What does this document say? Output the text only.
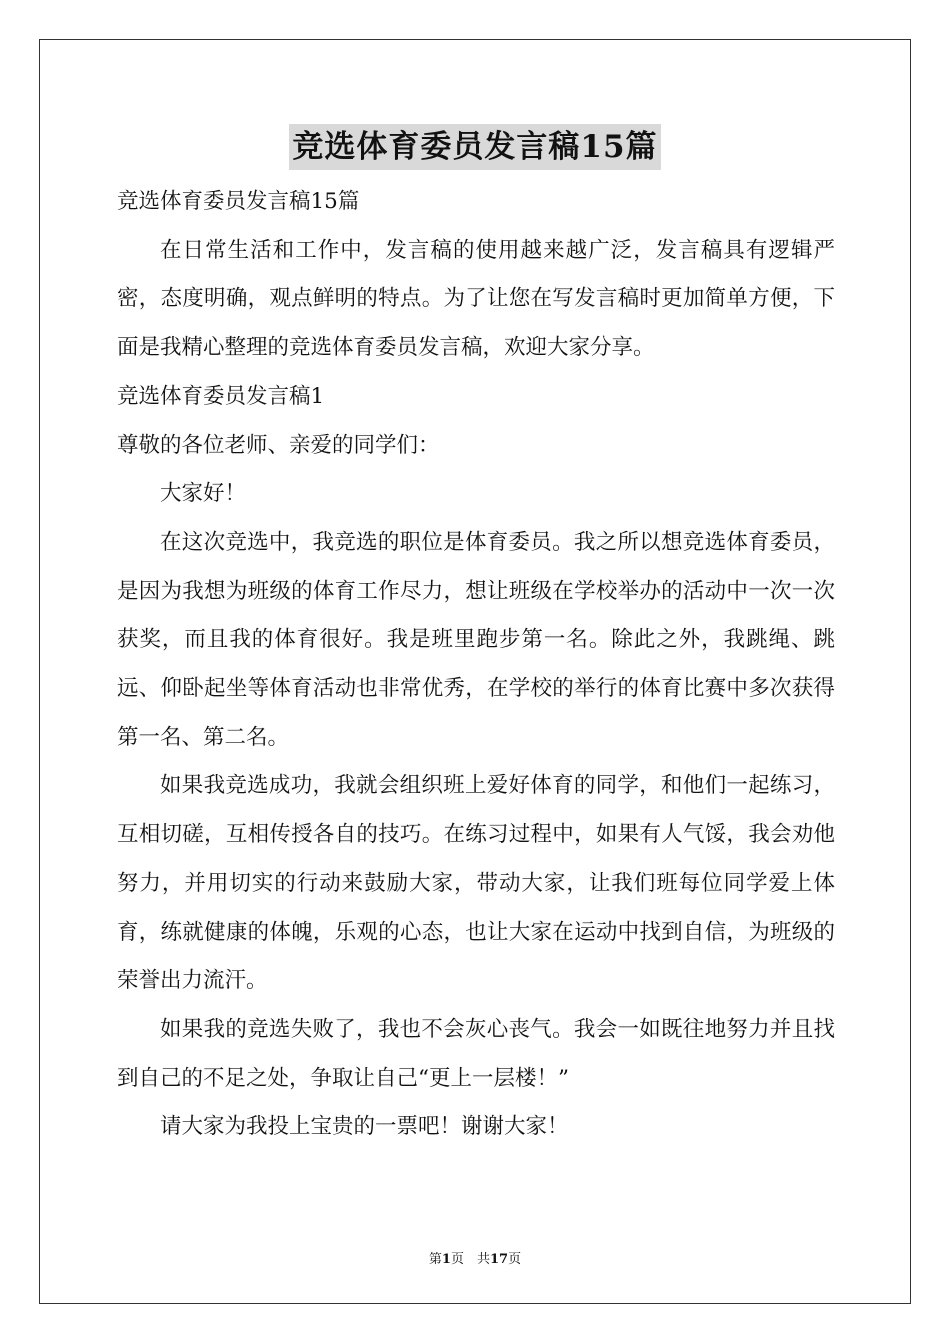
竞选体育委员发言稿15篇

竞选体育委员发言稿15篇

在日常生活和工作中，发言稿的使用越来越广泛，发言稿具有逻辑严密，态度明确，观点鲜明的特点。为了让您在写发言稿时更加简单方便，下面是我精心整理的竞选体育委员发言稿，欢迎大家分享。

竞选体育委员发言稿1

尊敬的各位老师、亲爱的同学们：

大家好！

在这次竞选中，我竞选的职位是体育委员。我之所以想竞选体育委员，是因为我想为班级的体育工作尽力，想让班级在学校举办的活动中一次一次获奖，而且我的体育很好。我是班里跑步第一名。除此之外，我跳绳、跳远、仰卧起坐等体育活动也非常优秀，在学校的举行的体育比赛中多次获得第一名、第二名。

如果我竞选成功，我就会组织班上爱好体育的同学，和他们一起练习，互相切磋，互相传授各自的技巧。在练习过程中，如果有人气馁，我会劝他努力，并用切实的行动来鼓励大家，带动大家，让我们班每位同学爱上体育，练就健康的体魄，乐观的心态，也让大家在运动中找到自信，为班级的荣誉出力流汗。

如果我的竞选失败了，我也不会灰心丧气。我会一如既往地努力并且找到自己的不足之处，争取让自己“更上一层楼！”

请大家为我投上宝贵的一票吧！谢谢大家！

第1页　共17页
